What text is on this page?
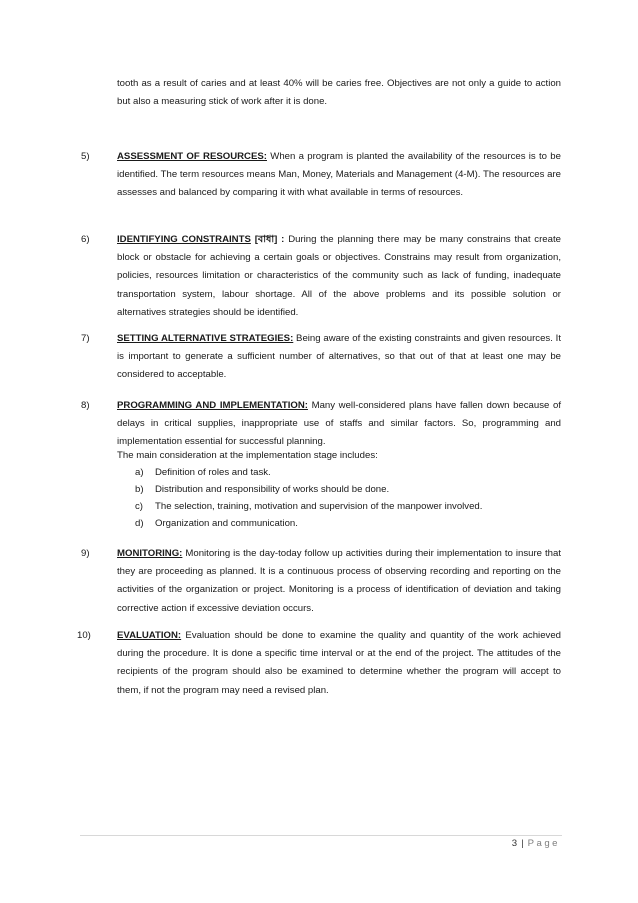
tooth as a result of caries and at least 40% will be caries free. Objectives are not only a guide to action but also a measuring stick of work after it is done.

5)	ASSESSMENT OF RESOURCES: When a program is planted the availability of the resources is to be identified. The term resources means Man, Money, Materials and Management (4-M). The resources are assesses and balanced by comparing it with what available in terms of resources.

6)	IDENTIFYING CONSTRAINTS [বাধা] : During the planning there may be many constrains that create block or obstacle for achieving a certain goals or objectives. Constrains may result from organization, policies, resources limitation or characteristics of the community such as lack of funding, inadequate transportation system, labour shortage. All of the above problems and its possible solution or alternatives strategies should be identified.

7)	SETTING ALTERNATIVE STRATEGIES: Being aware of the existing constraints and given resources. It is important to generate a sufficient number of alternatives, so that out of that at least one may be considered to acceptable.

8)	PROGRAMMING AND IMPLEMENTATION: Many well-considered plans have fallen down because of delays in critical supplies, inappropriate use of staffs and similar factors. So, programming and implementation essential for successful planning.

The main consideration at the implementation stage includes:

a) Definition of roles and task.
b) Distribution and responsibility of works should be done.
c) The selection, training, motivation and supervision of the manpower involved.
d) Organization and communication.
9)	MONITORING: Monitoring is the day-today follow up activities during their implementation to insure that they are proceeding as planned. It is a continuous process of observing recording and reporting on the activities of the organization or project. Monitoring is a process of identification of deviation and taking corrective action if excessive deviation occurs.

10)	EVALUATION: Evaluation should be done to examine the quality and quantity of the work achieved during the procedure. It is done a specific time interval or at the end of the project. The attitudes of the recipients of the program should also be examined to determine whether the program will accept to them, if not the program may need a revised plan.

3 | Page
